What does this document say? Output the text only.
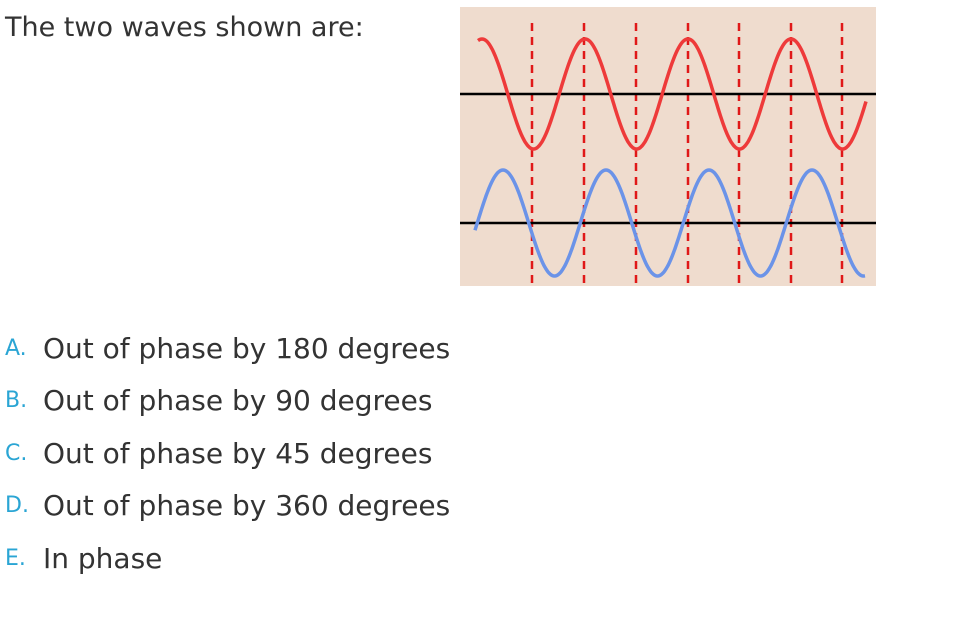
The two waves shown are:
A. Out of phase by 180 degrees
B. Out of phase by 90 degrees
C. Out of phase by 45 degrees
D. Out of phase by 360 degrees
E. In phase
